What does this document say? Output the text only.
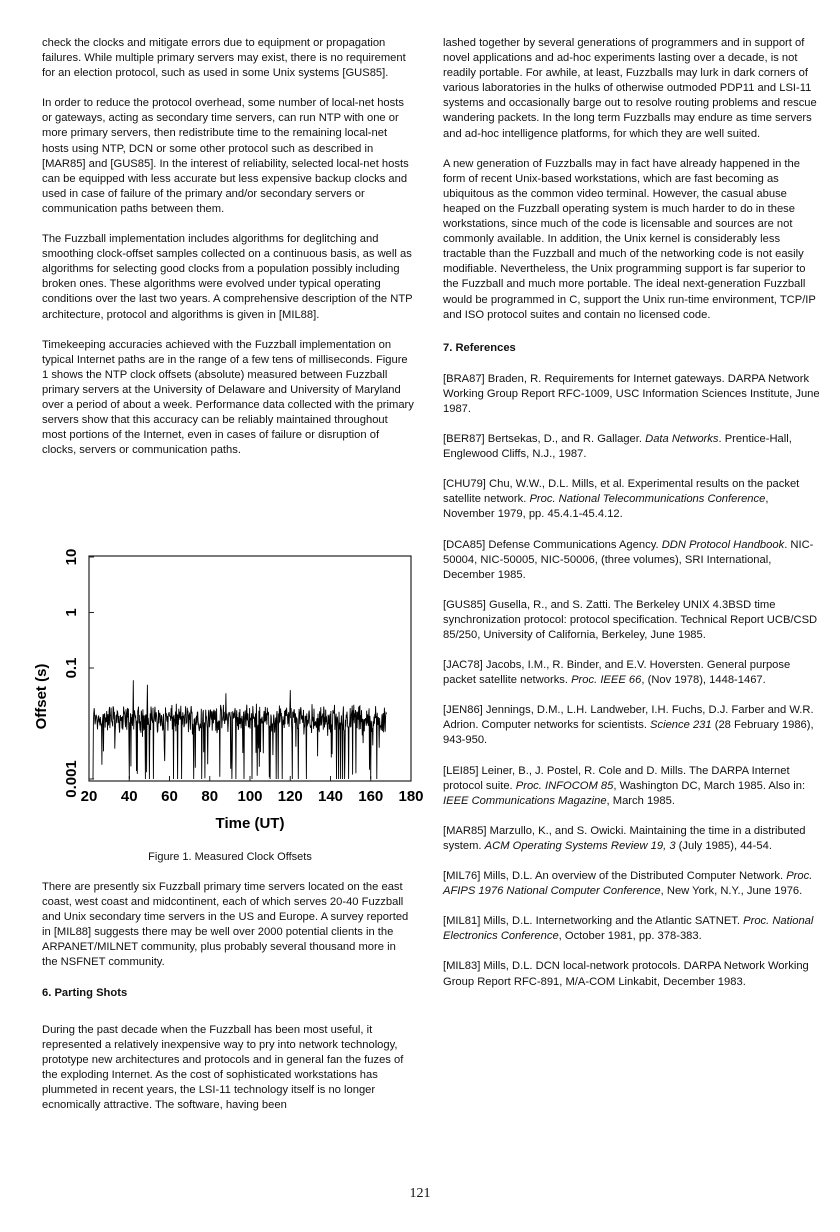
check the clocks and mitigate errors due to equipment or propagation failures. While multiple primary servers may exist, there is no requirement for an election protocol, such as used in some Unix systems [GUS85].

In order to reduce the protocol overhead, some number of local-net hosts or gateways, acting as secondary time servers, can run NTP with one or more primary servers, then redistribute time to the remaining local-net hosts using NTP, DCN or some other protocol such as described in [MAR85] and [GUS85]. In the interest of reliability, selected local-net hosts can be equipped with less accurate but less expensive backup clocks and used in case of failure of the primary and/or secondary servers or communication paths between them.

The Fuzzball implementation includes algorithms for deglitching and smoothing clock-offset samples collected on a continuous basis, as well as algorithms for selecting good clocks from a population possibly including broken ones. These algorithms were evolved under typical operating conditions over the last two years. A comprehensive description of the NTP architecture, protocol and algorithms is given in [MIL88].

Timekeeping accuracies achieved with the Fuzzball implementation on typical Internet paths are in the range of a few tens of milliseconds. Figure 1 shows the NTP clock offsets (absolute) measured between Fuzzball primary servers at the University of Delaware and University of Maryland over a period of about a week. Performance data collected with the primary servers show that this accuracy can be reliably maintained throughout most portions of the Internet, even in cases of failure or disruption of clocks, servers or communication paths.

20 40 60 80 100 120 140 160 180
0.001
0.1
1
10
Time (UT)
Offset (s)
Figure 1. Measured Clock Offsets

There are presently six Fuzzball primary time servers located on the east coast, west coast and midcontinent, each of which serves 20-40 Fuzzball and Unix secondary time servers in the US and Europe. A survey reported in [MIL88] suggests there may be well over 2000 potential clients in the ARPANET/MILNET community, plus probably several thousand more in the NSFNET community.

6. Parting Shots

During the past decade when the Fuzzball has been most useful, it represented a relatively inexpensive way to pry into network technology, prototype new architectures and protocols and in general fan the fuzes of the exploding Internet. As the cost of sophisticated workstations has plummeted in recent years, the LSI-11 technology itself is no longer ecnomically attractive. The software, having been

lashed together by several generations of programmers and in support of novel applications and ad-hoc experiments lasting over a decade, is not readily portable. For awhile, at least, Fuzzballs may lurk in dark corners of various laboratories in the hulks of otherwise outmoded PDP11 and LSI-11 systems and occasionally barge out to resolve routing problems and rescue wandering packets. In the long term Fuzzballs may endure as time servers and ad-hoc intelligence platforms, for which they are well suited.

A new generation of Fuzzballs may in fact have already happened in the form of recent Unix-based workstations, which are fast becoming as ubiquitous as the common video terminal. However, the casual abuse heaped on the Fuzzball operating system is much harder to do in these workstations, since much of the code is licensable and sources are not commonly available. In addition, the Unix kernel is considerably less tractable than the Fuzzball and much of the networking code is not easily modifiable. Nevertheless, the Unix programming support is far superior to the Fuzzball and much more portable. The ideal next-generation Fuzzball would be programmed in C, support the Unix run-time environment, TCP/IP and ISO protocol suites and contain no licensed code.

7. References

[BRA87] Braden, R. Requirements for Internet gateways. DARPA Network Working Group Report RFC-1009, USC Information Sciences Institute, June 1987.

[BER87] Bertsekas, D., and R. Gallager. Data Networks. Prentice-Hall, Englewood Cliffs, N.J., 1987.

[CHU79] Chu, W.W., D.L. Mills, et al. Experimental results on the packet satellite network. Proc. National Telecommunications Conference, November 1979, pp. 45.4.1-45.4.12.

[DCA85] Defense Communications Agency. DDN Protocol Handbook. NIC-50004, NIC-50005, NIC-50006, (three volumes), SRI International, December 1985.

[GUS85] Gusella, R., and S. Zatti. The Berkeley UNIX 4.3BSD time synchronization protocol: protocol specification. Technical Report UCB/CSD 85/250, University of California, Berkeley, June 1985.

[JAC78] Jacobs, I.M., R. Binder, and E.V. Hoversten. General purpose packet satellite networks. Proc. IEEE 66, (Nov 1978), 1448-1467.

[JEN86] Jennings, D.M., L.H. Landweber, I.H. Fuchs, D.J. Farber and W.R. Adrion. Computer networks for scientists. Science 231 (28 February 1986), 943-950.

[LEI85] Leiner, B., J. Postel, R. Cole and D. Mills. The DARPA Internet protocol suite. Proc. INFOCOM 85, Washington DC, March 1985. Also in: IEEE Communications Magazine, March 1985.

[MAR85] Marzullo, K., and S. Owicki. Maintaining the time in a distributed system. ACM Operating Systems Review 19, 3 (July 1985), 44-54.

[MIL76] Mills, D.L. An overview of the Distributed Computer Network. Proc. AFIPS 1976 National Computer Conference, New York, N.Y., June 1976.

[MIL81] Mills, D.L. Internetworking and the Atlantic SATNET. Proc. National Electronics Conference, October 1981, pp. 378-383.

[MIL83] Mills, D.L. DCN local-network protocols. DARPA Network Working Group Report RFC-891, M/A-COM Linkabit, December 1983.

121
